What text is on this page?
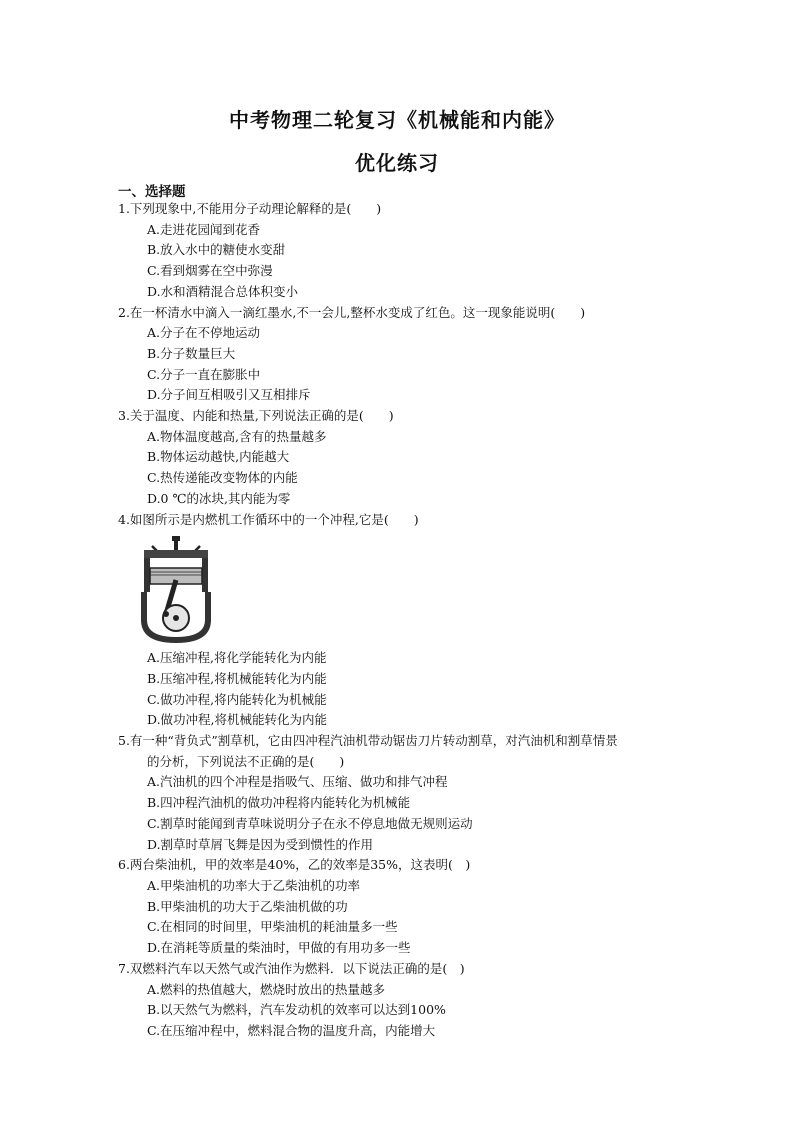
中考物理二轮复习《机械能和内能》
优化练习
一、选择题
1.下列现象中,不能用分子动理论解释的是(　　)
A.走进花园闻到花香
B.放入水中的糖使水变甜
C.看到烟雾在空中弥漫
D.水和酒精混合总体积变小
2.在一杯清水中滴入一滴红墨水,不一会儿,整杯水变成了红色。这一现象能说明(　　)
A.分子在不停地运动
B.分子数量巨大
C.分子一直在膨胀中
D.分子间互相吸引又互相排斥
3.关于温度、内能和热量,下列说法正确的是(　　)
A.物体温度越高,含有的热量越多
B.物体运动越快,内能越大
C.热传递能改变物体的内能
D.0 ℃的冰块,其内能为零
4.如图所示是内燃机工作循环中的一个冲程,它是(　　)
A.压缩冲程,将化学能转化为内能
B.压缩冲程,将机械能转化为内能
C.做功冲程,将内能转化为机械能
D.做功冲程,将机械能转化为内能
5.有一种“背负式”割草机，它由四冲程汽油机带动锯齿刀片转动割草，对汽油机和割草情景
的分析，下列说法不正确的是(　　)
A.汽油机的四个冲程是指吸气、压缩、做功和排气冲程
B.四冲程汽油机的做功冲程将内能转化为机械能
C.割草时能闻到青草味说明分子在永不停息地做无规则运动
D.割草时草屑飞舞是因为受到惯性的作用
6.两台柴油机，甲的效率是40%，乙的效率是35%，这表明(　)
A.甲柴油机的功率大于乙柴油机的功率
B.甲柴油机的功大于乙柴油机做的功
C.在相同的时间里，甲柴油机的耗油量多一些
D.在消耗等质量的柴油时，甲做的有用功多一些
7.双燃料汽车以天然气或汽油作为燃料．以下说法正确的是(　)
A.燃料的热值越大，燃烧时放出的热量越多
B.以天然气为燃料，汽车发动机的效率可以达到100%
C.在压缩冲程中，燃料混合物的温度升高，内能增大
